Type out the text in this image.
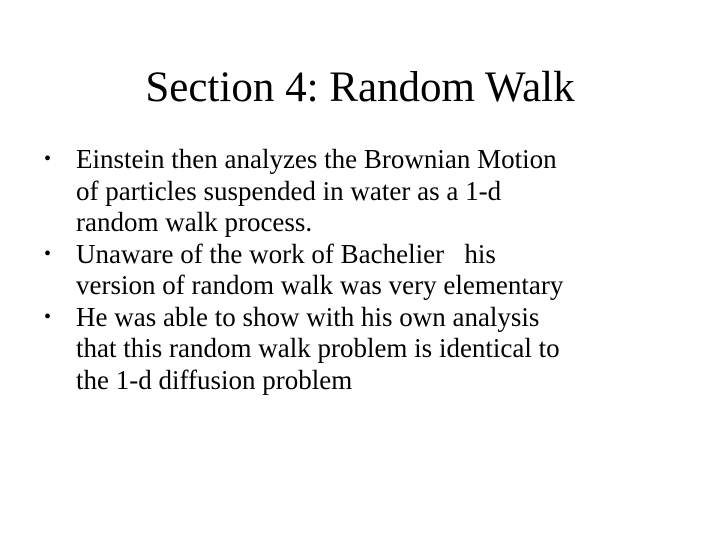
Section 4: Random Walk
• Einstein then analyzes the Brownian Motion
of particles suspended in water as a 1-d
random walk process.
• Unaware of the work of Bachelier   his
version of random walk was very elementary
• He was able to show with his own analysis
that this random walk problem is identical to
the 1-d diffusion problem
